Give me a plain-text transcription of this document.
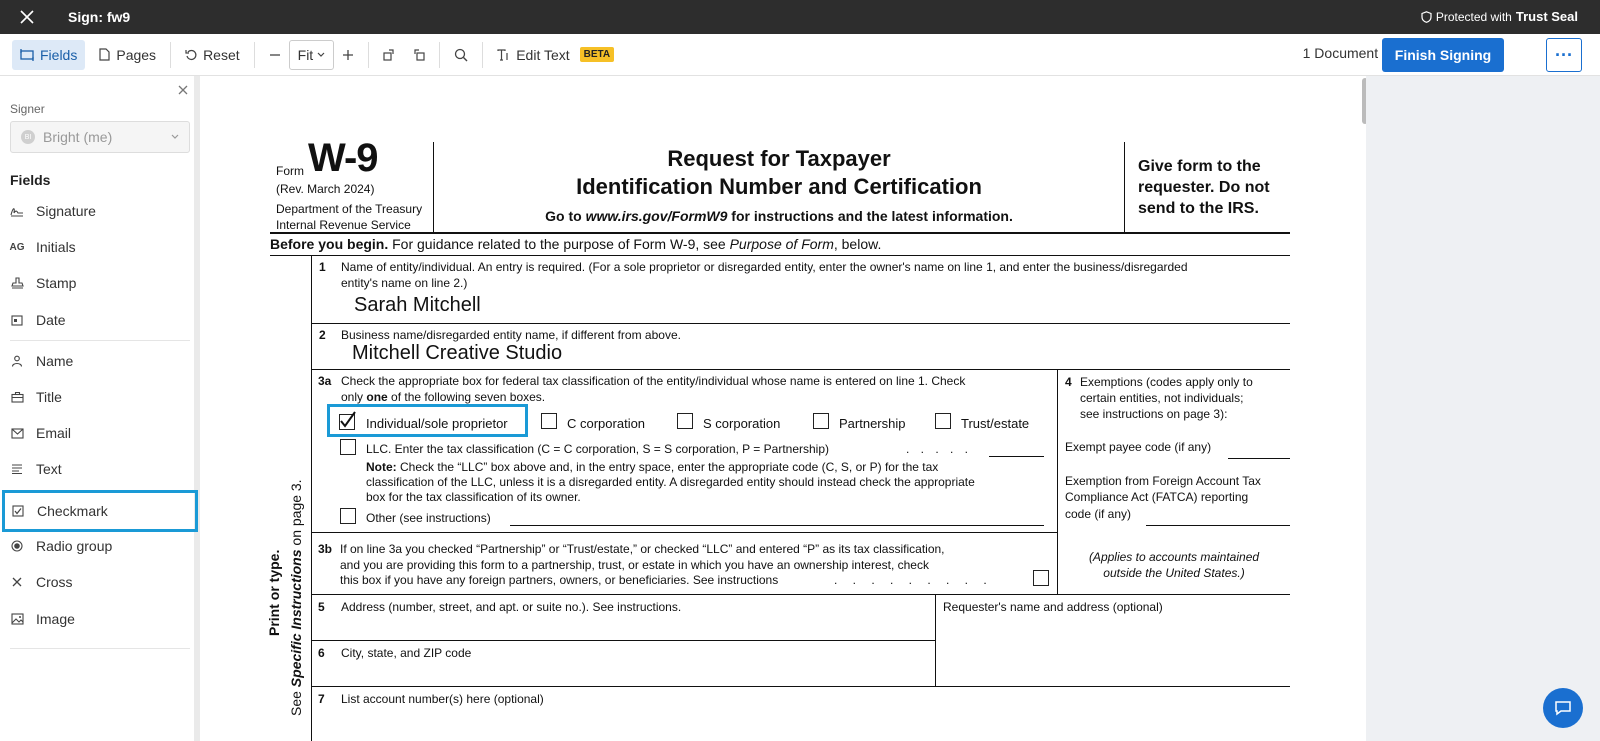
Sign: fw9	Protected with Trust Seal
Fields	Pages	Reset	Fit	Edit Text	BETA	1 Document	Finish Signing	···
Signer
BI Bright (me)
Fields
Signature
AG Initials
Stamp
Date
Name
Title
Email
Text
Checkmark
Radio group
Cross
Image
Form W-9
(Rev. March 2024)
Department of the Treasury
Internal Revenue Service
Request for Taxpayer
Identification Number and Certification
Go to www.irs.gov/FormW9 for instructions and the latest information.
Give form to the
requester. Do not
send to the IRS.
Before you begin. For guidance related to the purpose of Form W-9, see Purpose of Form, below.
Print or type.
See Specific Instructions on page 3.
1 Name of entity/individual. An entry is required. (For a sole proprietor or disregarded entity, enter the owner's name on line 1, and enter the business/disregarded
entity's name on line 2.)
Sarah Mitchell
2 Business name/disregarded entity name, if different from above.
Mitchell Creative Studio
3a Check the appropriate box for federal tax classification of the entity/individual whose name is entered on line 1. Check
only one of the following seven boxes.
Individual/sole proprietor	C corporation	S corporation	Partnership	Trust/estate
LLC. Enter the tax classification (C = C corporation, S = S corporation, P = Partnership)	. . . . .
Note: Check the “LLC” box above and, in the entry space, enter the appropriate code (C, S, or P) for the tax
classification of the LLC, unless it is a disregarded entity. A disregarded entity should instead check the appropriate
box for the tax classification of its owner.
Other (see instructions)
4 Exemptions (codes apply only to
certain entities, not individuals;
see instructions on page 3):
Exempt payee code (if any)
Exemption from Foreign Account Tax
Compliance Act (FATCA) reporting
code (if any)
(Applies to accounts maintained
outside the United States.)
3b If on line 3a you checked “Partnership” or “Trust/estate,” or checked “LLC” and entered “P” as its tax classification,
and you are providing this form to a partnership, trust, or estate in which you have an ownership interest, check
this box if you have any foreign partners, owners, or beneficiaries. See instructions	. . . . . . . . .
5 Address (number, street, and apt. or suite no.). See instructions.	Requester's name and address (optional)
6 City, state, and ZIP code
7 List account number(s) here (optional)
